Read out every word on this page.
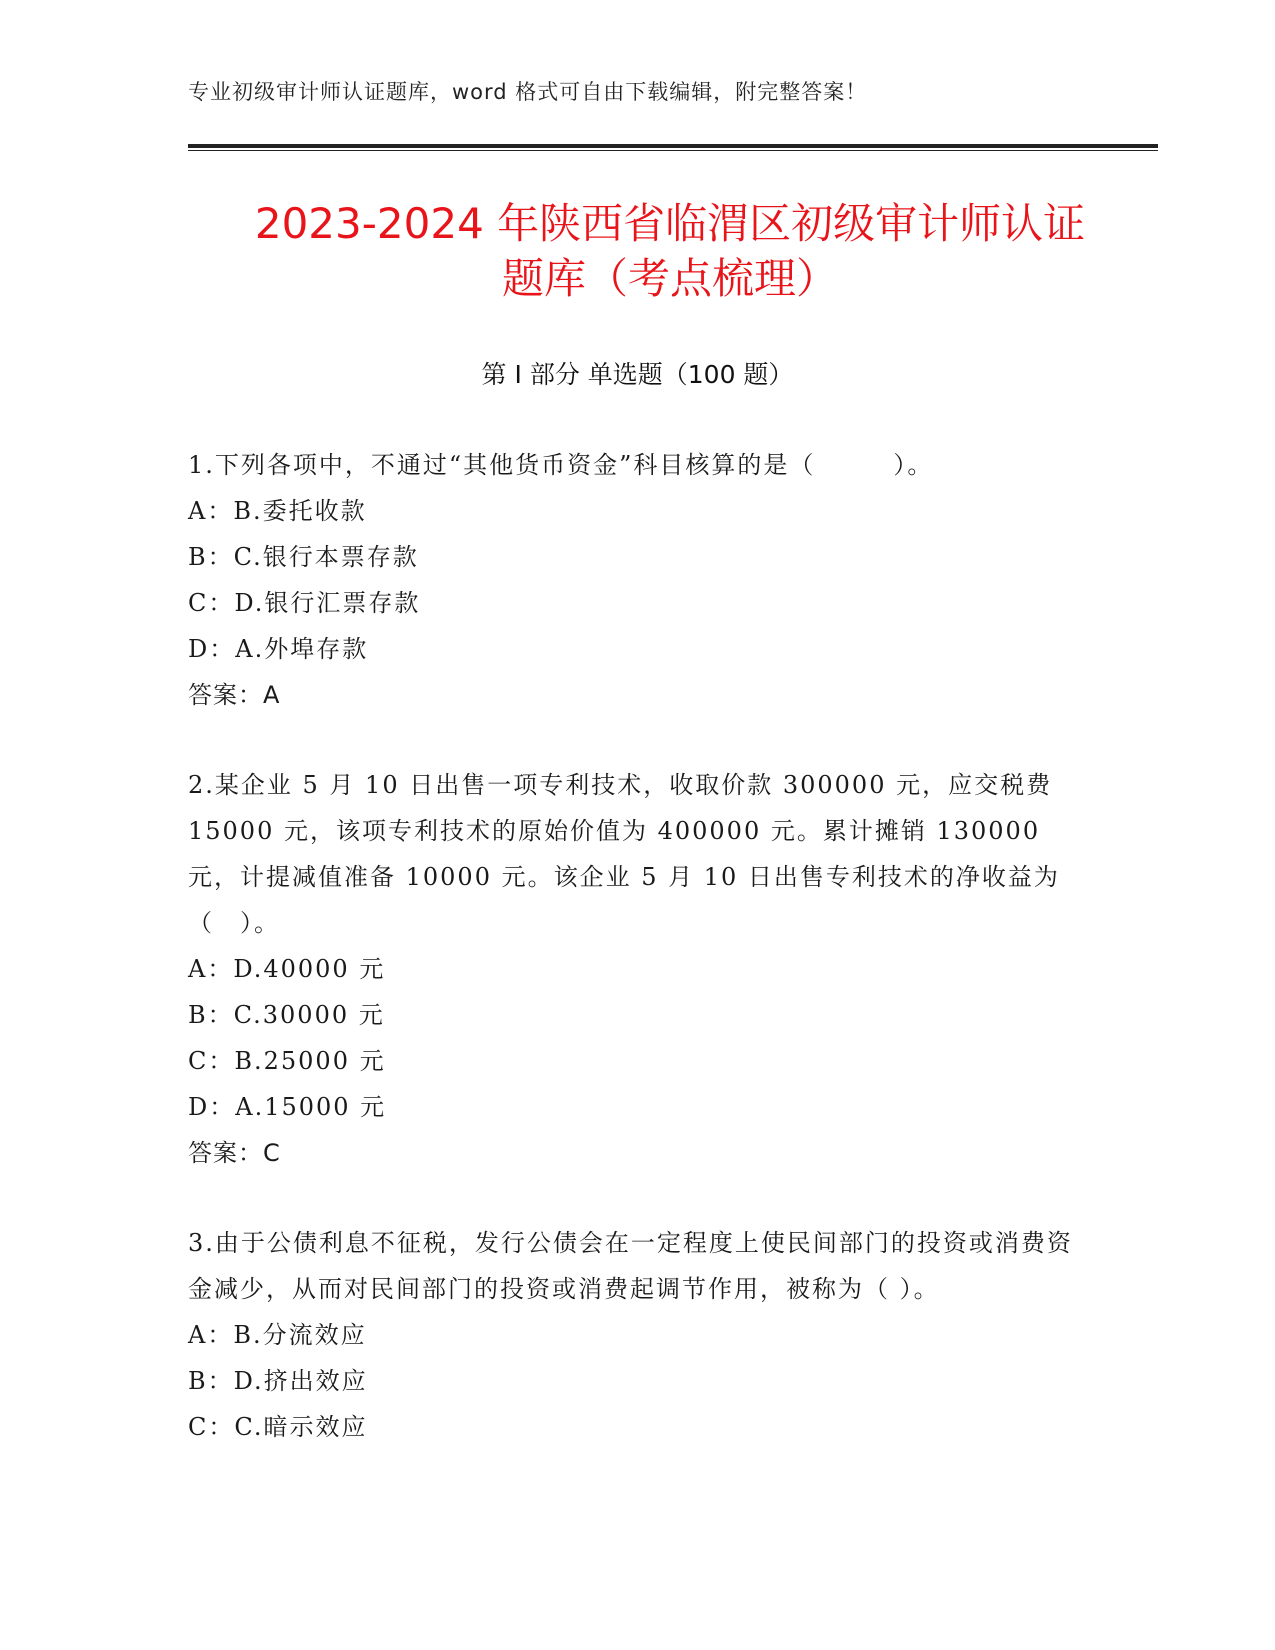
专业初级审计师认证题库，word 格式可自由下载编辑，附完整答案！
2023-2024 年陕西省临渭区初级审计师认证
题库（考点梳理）
第 I 部分 单选题（100 题）

1.下列各项中，不通过“其他货币资金”科目核算的是（　　　）。

A：B.委托收款

B：C.银行本票存款

C：D.银行汇票存款

D：A.外埠存款

答案：A

2.某企业 5 月 10 日出售一项专利技术，收取价款 300000 元，应交税费 15000 元，该项专利技术的原始价值为 400000 元。累计摊销 130000 元，计提减值准备 10000 元。该企业 5 月 10 日出售专利技术的净收益为（　）。

A：D.40000 元

B：C.30000 元

C：B.25000 元

D：A.15000 元

答案：C

3.由于公债利息不征税，发行公债会在一定程度上使民间部门的投资或消费资金减少，从而对民间部门的投资或消费起调节作用，被称为（ ）。

A：B.分流效应

B：D.挤出效应

C：C.暗示效应
